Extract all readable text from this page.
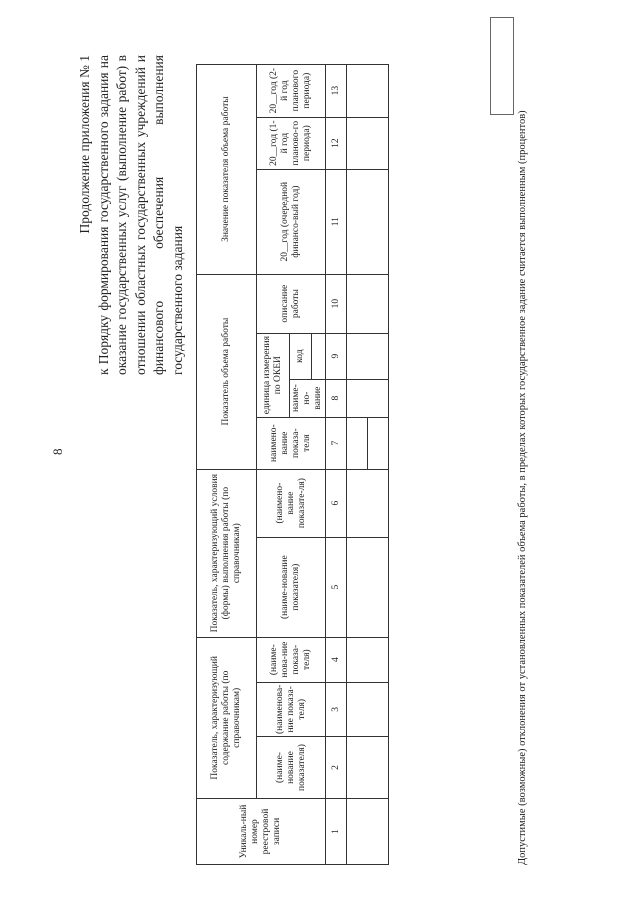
8
Продолжение приложения № 1 к Порядку формирования государственного задания на оказание государственных услуг (выполнение работ) в отношении областных государственных учреждений и финансового обеспечения выполнения государственного задания

Уникаль-ный номер реестровой записи	Показатель, характеризующий содержание работы (по справочникам)			Показатель, характеризующий условия (формы) выполнения работы (по справочникам)		Показатель объема работы				Значение показателя объема работы		
	(наиме-нование показателя)	(наименова-ние показа-теля)	(наиме-нова-ние показа-теля)	(наиме-нование показателя)	(наимено-вание показате-ля)	наимено-вание показа-теля	единица измерения по ОКЕИ		описание работы	20__год (очередной финансо-вый год)	20__год (1-й год планово-го периода)	20__год (2-й год планового периода)
							наиме-но-вание	код				

1	2	3	4	5	6	7	8	9	10	11	12	13

Допустимые (возможные) отклонения от установленных показателей объема работы, в пределах которых государственное задание считается выполненным (процентов)
